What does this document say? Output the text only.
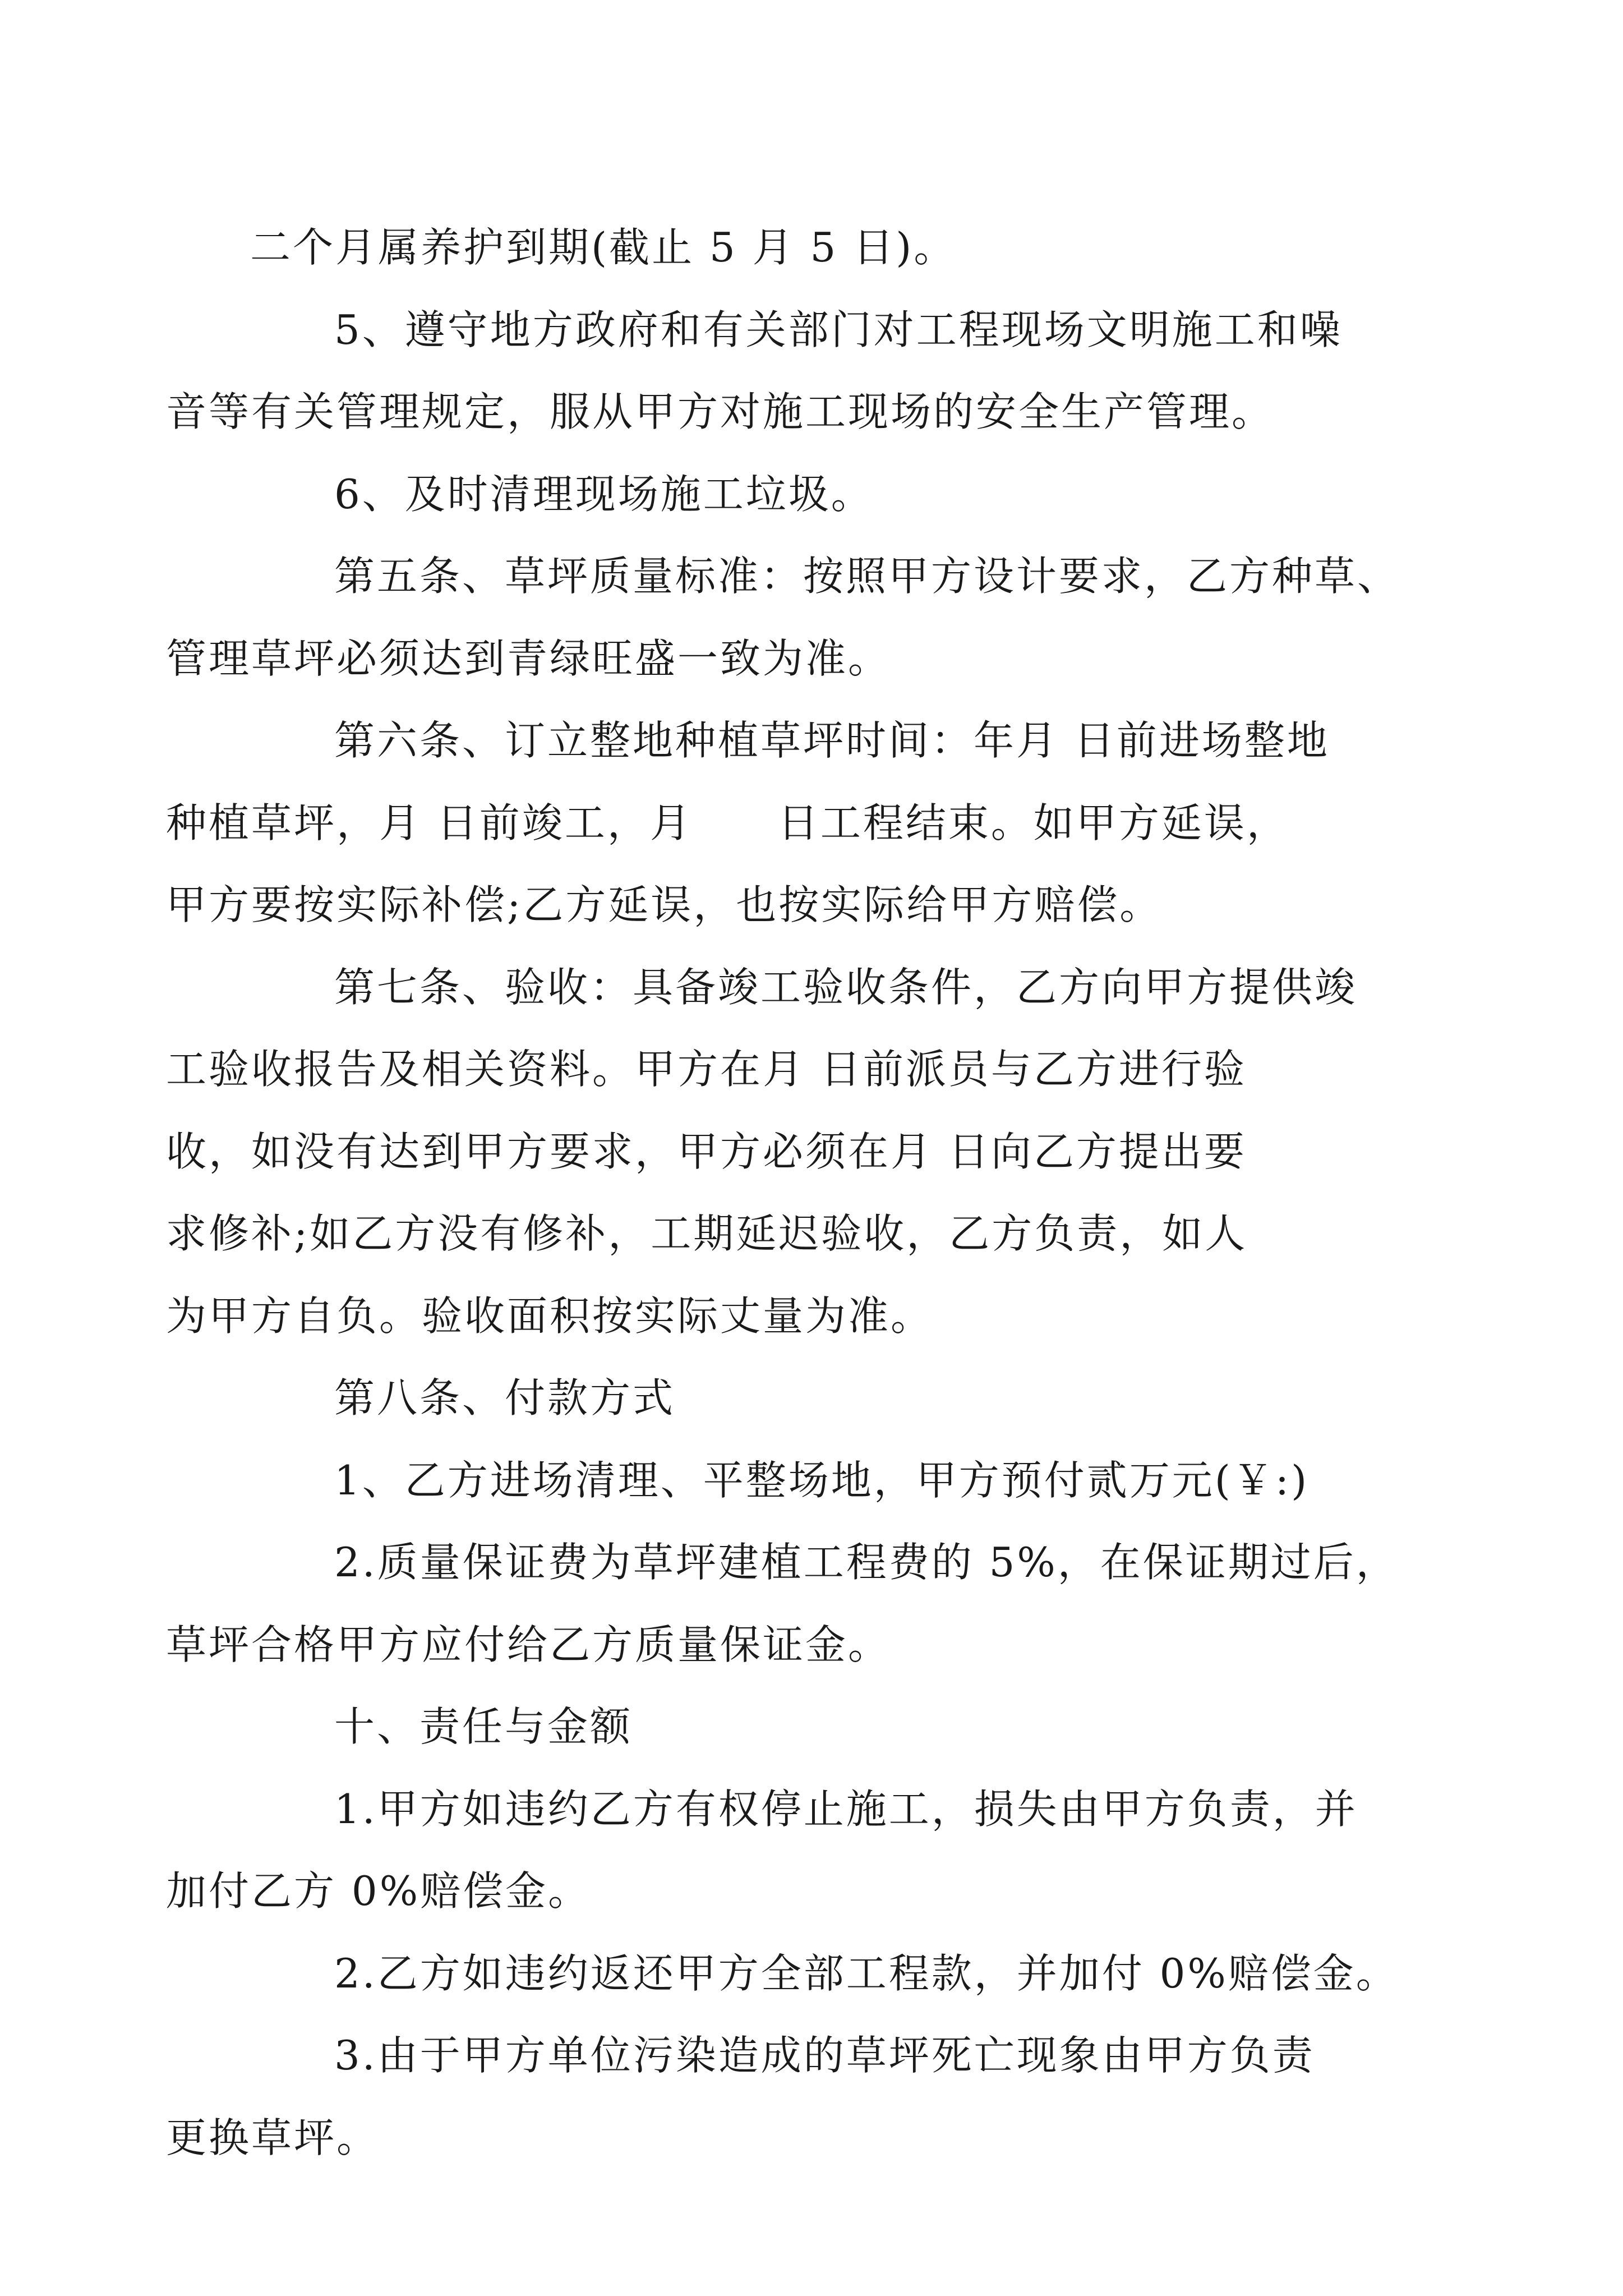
二个月属养护到期(截止 5 月 5 日)。

5、遵守地方政府和有关部门对工程现场文明施工和噪
音等有关管理规定，服从甲方对施工现场的安全生产管理。

6、及时清理现场施工垃圾。

第五条、草坪质量标准：按照甲方设计要求，乙方种草、
管理草坪必须达到青绿旺盛一致为准。

第六条、订立整地种植草坪时间：年月 日前进场整地
种植草坪，月 日前竣工，月　　日工程结束。如甲方延误，
甲方要按实际补偿;乙方延误，也按实际给甲方赔偿。

第七条、验收：具备竣工验收条件，乙方向甲方提供竣
工验收报告及相关资料。甲方在月 日前派员与乙方进行验
收，如没有达到甲方要求，甲方必须在月 日向乙方提出要
求修补;如乙方没有修补，工期延迟验收，乙方负责，如人
为甲方自负。验收面积按实际丈量为准。

第八条、付款方式

1、乙方进场清理、平整场地，甲方预付贰万元(￥:)

2.质量保证费为草坪建植工程费的 5%，在保证期过后，
草坪合格甲方应付给乙方质量保证金。

十、责任与金额

1.甲方如违约乙方有权停止施工，损失由甲方负责，并
加付乙方 0%赔偿金。

2.乙方如违约返还甲方全部工程款，并加付 0%赔偿金。

3.由于甲方单位污染造成的草坪死亡现象由甲方负责
更换草坪。
